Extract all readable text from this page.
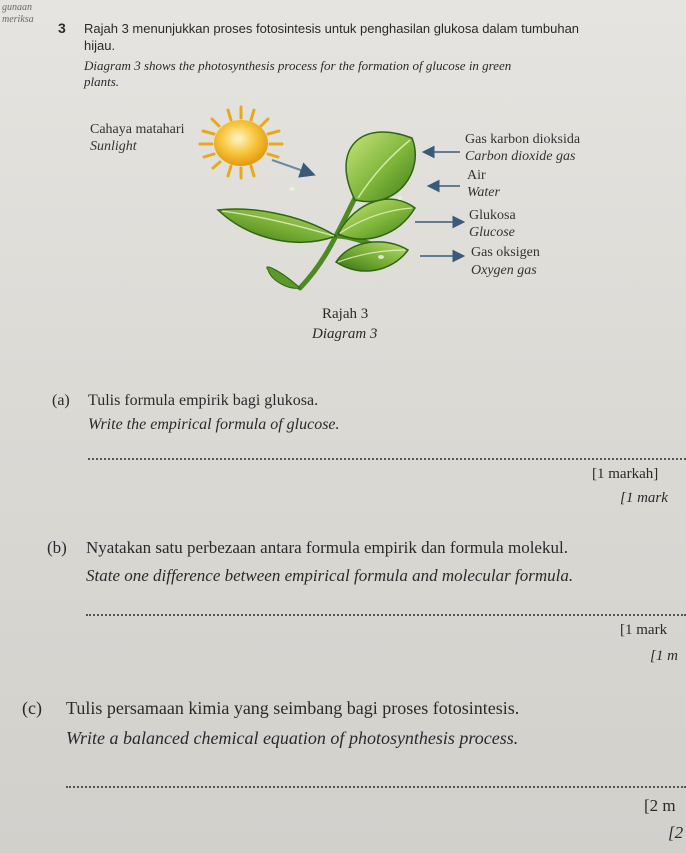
gunaan
meriksa
3 Rajah 3 menunjukkan proses fotosintesis untuk penghasilan glukosa dalam tumbuhan
hijau.
Diagram 3 shows the photosynthesis process for the formation of glucose in green
plants.
Cahaya matahari
Sunlight	Gas karbon dioksida
Carbon dioxide gas
Air
Water
Glukosa
Glucose
Gas oksigen
Oxygen gas
Rajah 3
Diagram 3
(a) Tulis formula empirik bagi glukosa.
Write the empirical formula of glucose.
[1 markah]
[1 mark
(b) Nyatakan satu perbezaan antara formula empirik dan formula molekul.
State one difference between empirical formula and molecular formula.
[1 mark
[1 m
(c) Tulis persamaan kimia yang seimbang bagi proses fotosintesis.
Write a balanced chemical equation of photosynthesis process.
[2 m
[2
